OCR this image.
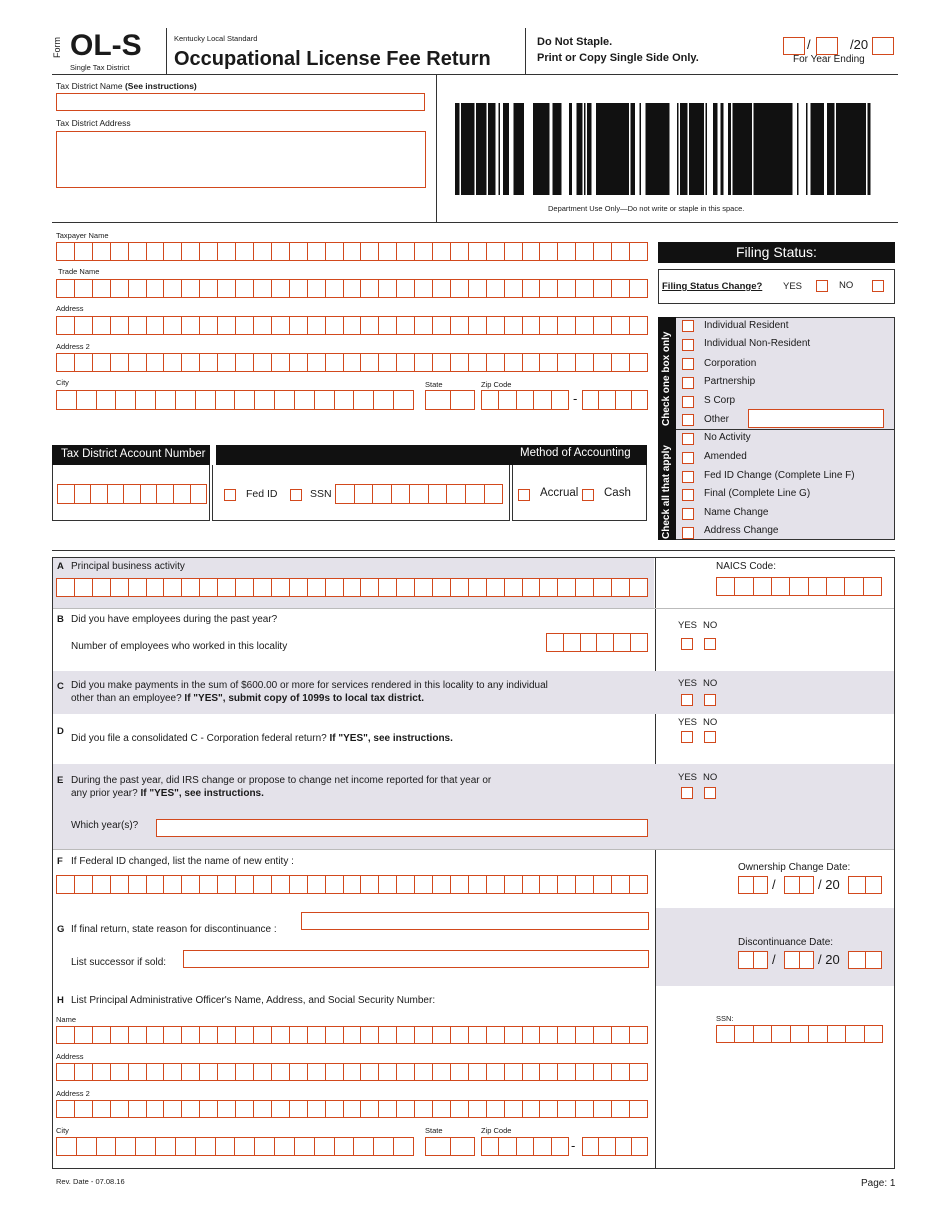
Form OL-S
Single Tax District
Kentucky Local Standard
Occupational License Fee Return
Do Not Staple.
Print or Copy Single Side Only.
/	/20
For Year Ending
Tax District Name (See instructions)
Tax District Address
Department Use Only—Do not write or staple in this space.
Taxpayer Name
Trade Name
Address
Address 2
City	State	Zip Code
-
Filing Status:
Filing Status Change? YES	NO
Check one box only
Check all that apply
Individual Resident
Individual Non-Resident
Corporation
Partnership
S Corp
Other
No Activity
Amended
Fed ID Change (Complete Line F)
Final (Complete Line G)
Name Change
Address Change
Tax District Account Number	Method of Accounting
Fed ID	SSN	Accrual Cash
A Principal business activity	NAICS Code:
B Did you have employees during the past year?
Number of employees who worked in this locality
YES NO
C Did you make payments in the sum of $600.00 or more for services rendered in this locality to any individual
other than an employee? If "YES", submit copy of 1099s to local tax district.
YES NO
D
Did you file a consolidated C - Corporation federal return? If "YES", see instructions.
YES NO
E During the past year, did IRS change or propose to change net income reported for that year or
any prior year? If "YES", see instructions.
Which year(s)?
YES NO
F If Federal ID changed, list the name of new entity :
Ownership Change Date:
/	/ 20
G If final return, state reason for discontinuance :
List successor if sold:
Discontinuance Date:
/	/ 20
H List Principal Administrative Officer's Name, Address, and Social Security Number:
SSN:
Name
Address
Address 2
City	State	Zip Code
-
Rev. Date - 07.08.16	Page: 1
